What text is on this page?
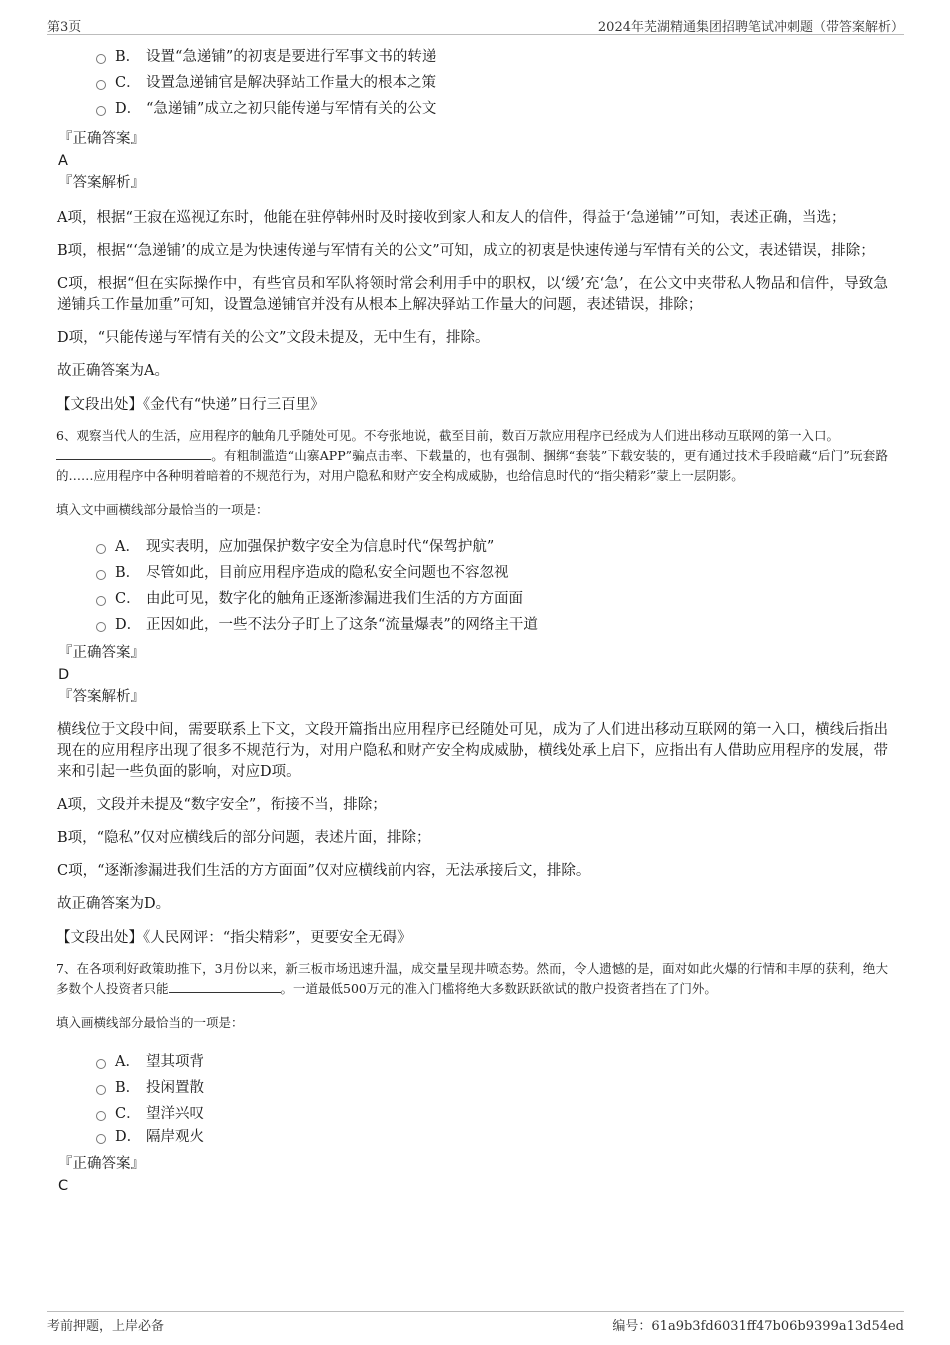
第3页	2024年芜湖精通集团招聘笔试冲刺题（带答案解析）
B． 设置“急递铺”的初衷是要进行军事文书的转递
C． 设置急递铺官是解决驿站工作量大的根本之策
D． “急递铺”成立之初只能传递与军情有关的公文
『正确答案』
A
『答案解析』

A项，根据“王寂在巡视辽东时，他能在驻停韩州时及时接收到家人和友人的信件，得益于‘急递铺’”可知，表述正确，当选；

B项，根据“‘急递铺’的成立是为快速传递与军情有关的公文”可知，成立的初衷是快速传递与军情有关的公文，表述错误，排除；

C项，根据“但在实际操作中，有些官员和军队将领时常会利用手中的职权，以‘缓’充‘急’，在公文中夹带私人物品和信件，导致急递铺兵工作量加重”可知，设置急递铺官并没有从根本上解决驿站工作量大的问题，表述错误，排除；

D项，“只能传递与军情有关的公文”文段未提及，无中生有，排除。

故正确答案为A。

【文段出处】《金代有“快递”日行三百里》

6、观察当代人的生活，应用程序的触角几乎随处可见。不夸张地说，截至目前，数百万款应用程序已经成为人们进出移动互联网的第一入口。
。有粗制滥造“山寨APP”骗点击率、下载量的，也有强制、捆绑“套装”下载安装的，更有通过技术手段暗藏“后门”玩套路的……应用程序中各种明着暗着的不规范行为，对用户隐私和财产安全构成威胁，也给信息时代的“指尖精彩”蒙上一层阴影。

填入文中画横线部分最恰当的一项是：
A． 现实表明，应加强保护数字安全为信息时代“保驾护航”
B． 尽管如此，目前应用程序造成的隐私安全问题也不容忽视
C． 由此可见，数字化的触角正逐渐渗漏进我们生活的方方面面
D． 正因如此，一些不法分子盯上了这条“流量爆表”的网络主干道
『正确答案』
D
『答案解析』

横线位于文段中间，需要联系上下文，文段开篇指出应用程序已经随处可见，成为了人们进出移动互联网的第一入口，横线后指出现在的应用程序出现了很多不规范行为，对用户隐私和财产安全构成威胁，横线处承上启下，应指出有人借助应用程序的发展，带来和引起一些负面的影响，对应D项。

A项，文段并未提及“数字安全”，衔接不当，排除；

B项，“隐私”仅对应横线后的部分问题，表述片面，排除；

C项，“逐渐渗漏进我们生活的方方面面”仅对应横线前内容，无法承接后文，排除。

故正确答案为D。

【文段出处】《人民网评：“指尖精彩”，更要安全无碍》

7、在各项利好政策助推下，3月份以来，新三板市场迅速升温，成交量呈现井喷态势。然而，令人遗憾的是，面对如此火爆的行情和丰厚的获利，绝大多数个人投资者只能	。一道最低500万元的准入门槛将绝大多数跃跃欲试的散户投资者挡在了门外。

填入画横线部分最恰当的一项是：
A． 望其项背
B． 投闲置散
C． 望洋兴叹
D． 隔岸观火
『正确答案』
C
考前押题，上岸必备	编号：61a9b3fd6031ff47b06b9399a13d54ed
